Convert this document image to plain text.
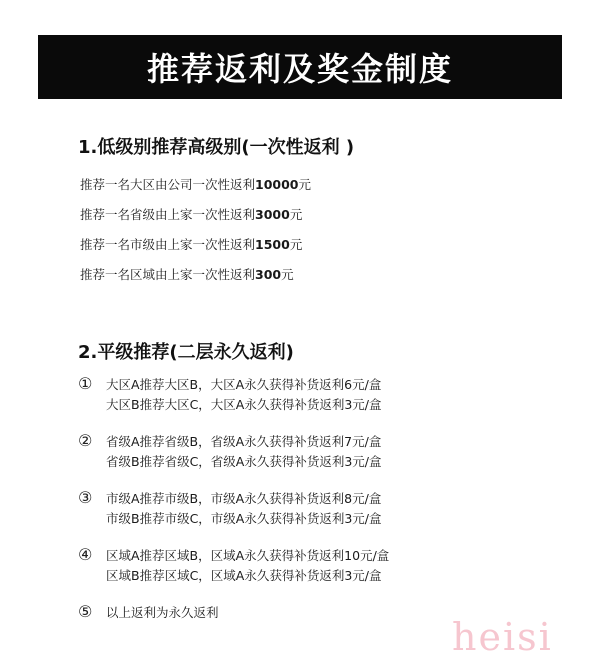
推荐返利及奖金制度
1.低级别推荐高级别(一次性返利 )
推荐一名大区由公司一次性返利10000元
推荐一名省级由上家一次性返利3000元
推荐一名市级由上家一次性返利1500元
推荐一名区域由上家一次性返利300元
2.平级推荐(二层永久返利)
①	大区A推荐大区B，大区A永久获得补货返利6元/盒
大区B推荐大区C，大区A永久获得补货返利3元/盒
②	省级A推荐省级B，省级A永久获得补货返利7元/盒
省级B推荐省级C，省级A永久获得补货返利3元/盒
③	市级A推荐市级B，市级A永久获得补货返利8元/盒
市级B推荐市级C，市级A永久获得补货返利3元/盒
④	区域A推荐区域B，区域A永久获得补货返利10元/盒
区域B推荐区域C，区域A永久获得补货返利3元/盒
⑤	以上返利为永久返利
heisi
